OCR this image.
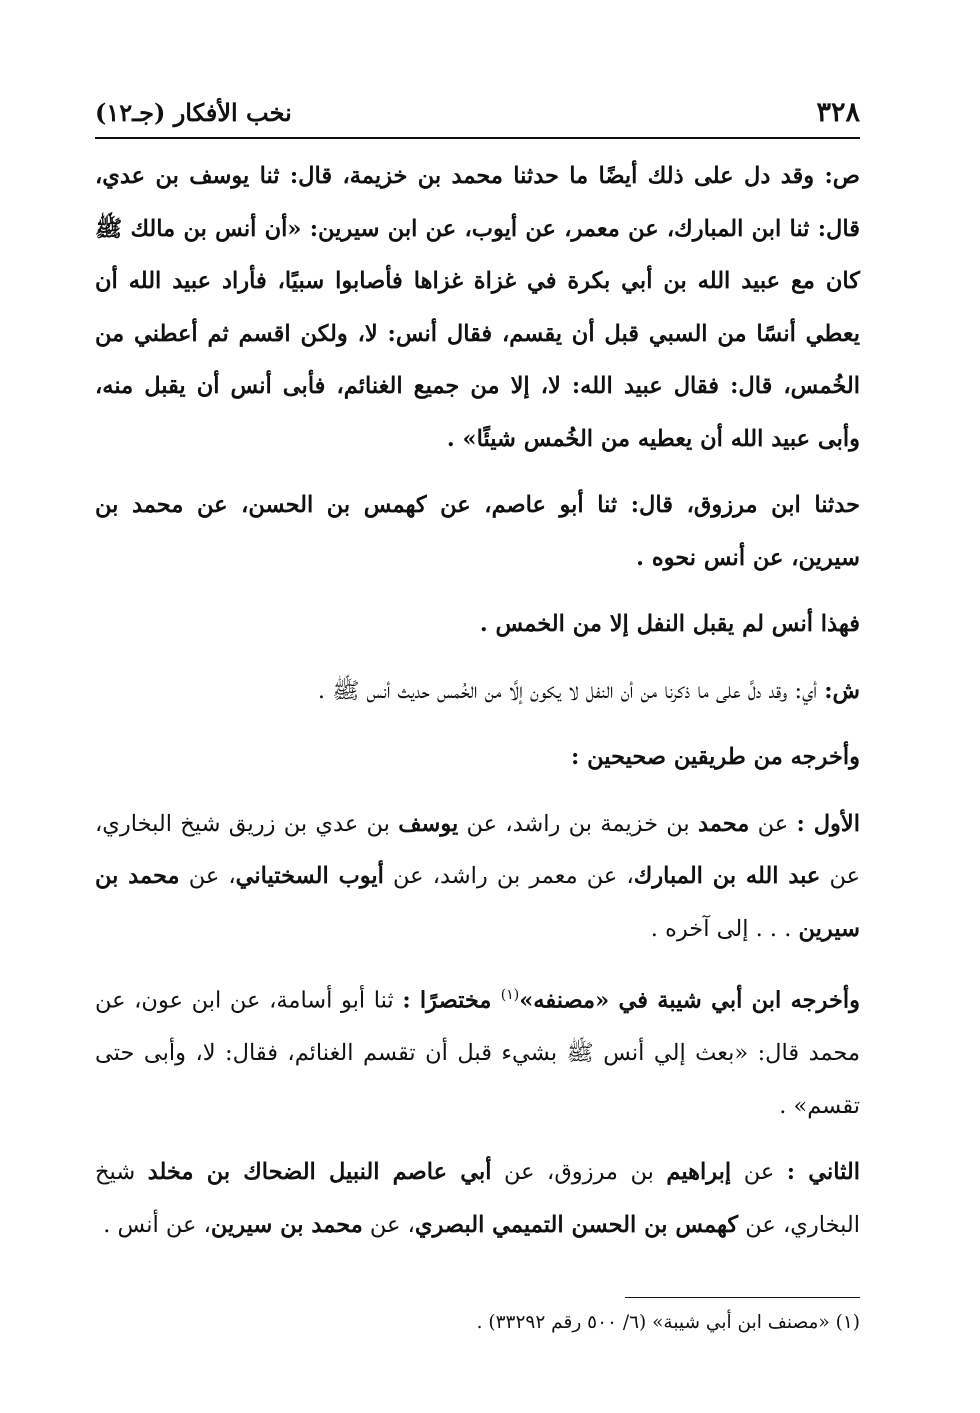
٣٢٨
نخب الأفكار (جـ١٢)

ص: وقد دل على ذلك أيضًا ما حدثنا محمد بن خزيمة، قال: ثنا يوسف بن عدي، قال: ثنا ابن المبارك، عن معمر، عن أيوب، عن ابن سيرين: «أن أنس بن مالك ﷺ كان مع عبيد الله بن أبي بكرة في غزاة غزاها فأصابوا سبيًا، فأراد عبيد الله أن يعطي أنسًا من السبي قبل أن يقسم، فقال أنس: لا، ولكن اقسم ثم أعطني من الخُمس، قال: فقال عبيد الله: لا، إلا من جميع الغنائم، فأبى أنس أن يقبل منه، وأبى عبيد الله أن يعطيه من الخُمس شيئًا» .

حدثنا ابن مرزوق، قال: ثنا أبو عاصم، عن كهمس بن الحسن، عن محمد بن سيرين، عن أنس نحوه .

فهذا أنس لم يقبل النفل إلا من الخمس .

ش: أي: وقد دلَّ على ما ذكرنا من أن النفل لا يكون إلَّا من الخُمس حديث أنس ﷺ .

وأخرجه من طريقين صحيحين :

الأول : عن محمد بن خزيمة بن راشد، عن يوسف بن عدي بن زريق شيخ البخاري، عن عبد الله بن المبارك، عن معمر بن راشد، عن أيوب السختياني، عن محمد بن سيرين . . . إلى آخره .

وأخرجه ابن أبي شيبة في «مصنفه»$^{(١)}$ مختصرًا : ثنا أبو أسامة، عن ابن عون، عن محمد قال: «بعث إلي أنس ﷺ بشيء قبل أن تقسم الغنائم، فقال: لا، وأبى حتى تقسم» .

الثاني : عن إبراهيم بن مرزوق، عن أبي عاصم النبيل الضحاك بن مخلد شيخ البخاري، عن كهمس بن الحسن التميمي البصري، عن محمد بن سيرين، عن أنس .

(١) «مصنف ابن أبي شيبة» (٦/ ٥٠٠ رقم ٣٣٢٩٢) .
